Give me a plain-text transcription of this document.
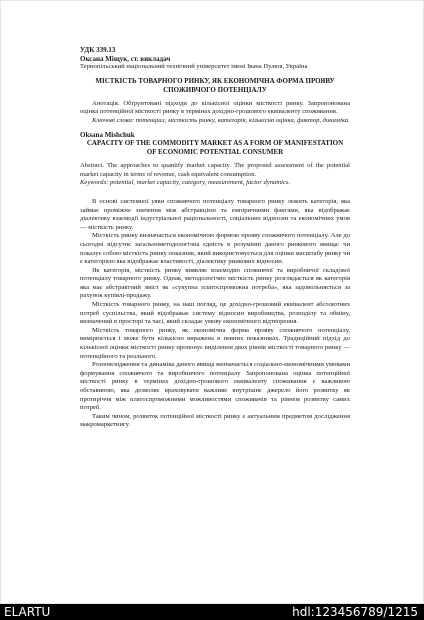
УДК 339.13
Оксана Міщук, ст. викладач
Тернопільський національний технічний університет імені Івана Пулюя, Україна
МІСТКІСТЬ ТОВАРНОГО РИНКУ, ЯК ЕКОНОМІЧНА ФОРМА ПРОЯВУ СПОЖИВЧОГО ПОТЕНЦІАЛУ

Анотація. Обґрунтовані підходи до кількісної оцінки місткості ринку. Запропонована оцінка потенційної місткості ринку в термінах дохідно-грошового еквіваленту споживання.

Ключові слова: потенціал, місткість ринку, категорія, кількісна оцінка, фактор, динаміка.

Oksana Mishchuk
CAPACITY OF THE COMMODITY MARKET AS A FORM OF MANIFESTATION OF ECONOMIC POTENTIAL CONSUMER

Abstract. The approaches to quantify market capacity. The proposed assessment of the potential market capacity in terms of revenue, cash equivalent consumption.

Keywords: potential, market capacity, category, measurement, factor dynamics.

В основі системної уяви споживчого потенціалу товарного ринку лежить категорія, яка займає проміжне значення між абстракцією та емпіричними фактами, яка відображає діалектику взаємодії індустріальної раціональності, соціальних відносин та економічних умов — місткість ринку.

Місткість ринку визначається економічною формою прояву споживчого потенціалу. Але до сьогодні відсутнє загальнометодологічна єдність в розумінні даного ринкового явища: чи показує собою місткість ринку показник, який використовується для оцінки масштабу ринку чи є категорією яка відображає властивості, діалектику ринкових відносин.

Як категорія, місткість ринку виявляє взаємодію споживчої та виробничої складової потенціалу товарного ринку. Однак, методологічно місткість ринку розглядається як категорія яка має абстрактний зміст як «сукупна платоспроможна потреба», яка задовольняється за рахунок купівлі-продажу.

Місткість товарного ринку, на наш погляд, це дохідно-грошовий еквівалент абсолютних потреб суспільства, який відображає систему відносин виробництва, розподілу та обміну, визначений в просторі та часі, який складає умову економічного відтворення.

Місткість товарного ринку, як економічна форма прояву споживчого потенціалу, вимірюється і може бути кількісно виражена в певних показниках. Традиційний підхід до кількісної оцінки місткості ринку пропонує виділення двох рівнів місткості товарного ринку — потенційного та реального.

Розповсюдження та динаміка даного явища визначається соціально-економічними умовами формування споживчого та виробничого потенціалу Запропонована оцінка потенційної місткості ринку в термінах дохідно-грошового еквіваленту споживання є важливою обставиною, яка дозволяє враховувати важливе внутрішнє джерело його розвитку як протиріччя між платоспроможними можливостями споживачів та рівнем розвитку самих потреб.

Таким чином, розвиток потенційної місткості ринку є актуальним предметом дослідження макромаркетингу.

ELARTU	hdl:123456789/1215
